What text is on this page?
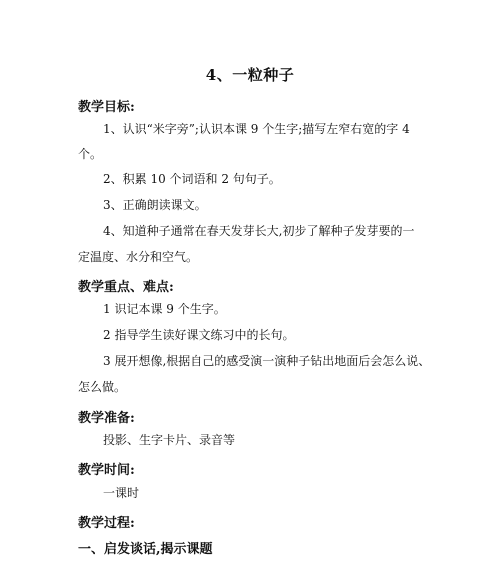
4、一粒种子
教学目标:
1、认识“米字旁”;认识本课 9 个生字;描写左窄右宽的字 4
个。
2、积累 10 个词语和 2 句句子。
3、正确朗读课文。
4、知道种子通常在春天发芽长大,初步了解种子发芽要的一
定温度、水分和空气。
教学重点、难点:
1 识记本课 9 个生字。
2 指导学生读好课文练习中的长句。
3 展开想像,根据自己的感受演一演种子钻出地面后会怎么说、
怎么做。
教学准备:
投影、生字卡片、录音等
教学时间:
一课时
教学过程:
一、启发谈话,揭示课题
